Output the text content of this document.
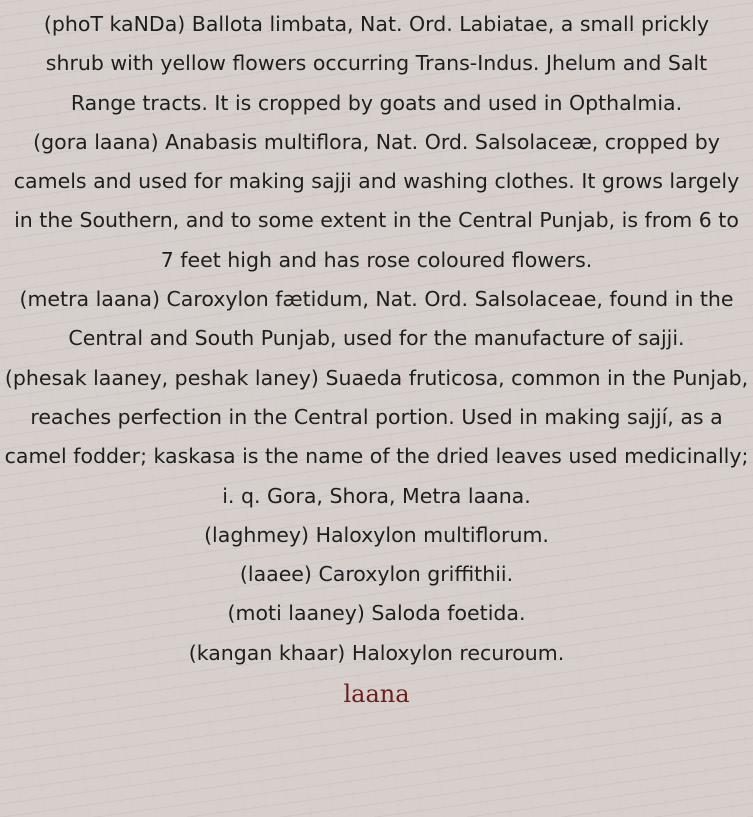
(phoT kaNDa) Ballota limbata, Nat. Ord. Labiatae, a small prickly shrub with yellow flowers occurring Trans-Indus. Jhelum and Salt Range tracts. It is cropped by goats and used in Opthalmia.

(gora laana) Anabasis multiflora, Nat. Ord. Salsolaceæ, cropped by camels and used for making sajji and washing clothes. It grows largely in the Southern, and to some extent in the Central Punjab, is from 6 to 7 feet high and has rose coloured flowers.

(metra laana) Caroxylon fætidum, Nat. Ord. Salsolaceae, found in the Central and South Punjab, used for the manufacture of sajji.

(phesak laaney, peshak laney) Suaeda fruticosa, common in the Punjab, reaches perfection in the Central portion. Used in making sajjí, as a camel fodder; kaskasa is the name of the dried leaves used medicinally; i. q. Gora, Shora, Metra laana.

(laghmey) Haloxylon multiflorum.

(laaee) Caroxylon griffithii.

(moti laaney) Saloda foetida.

(kangan khaar) Haloxylon recuroum.

laana
